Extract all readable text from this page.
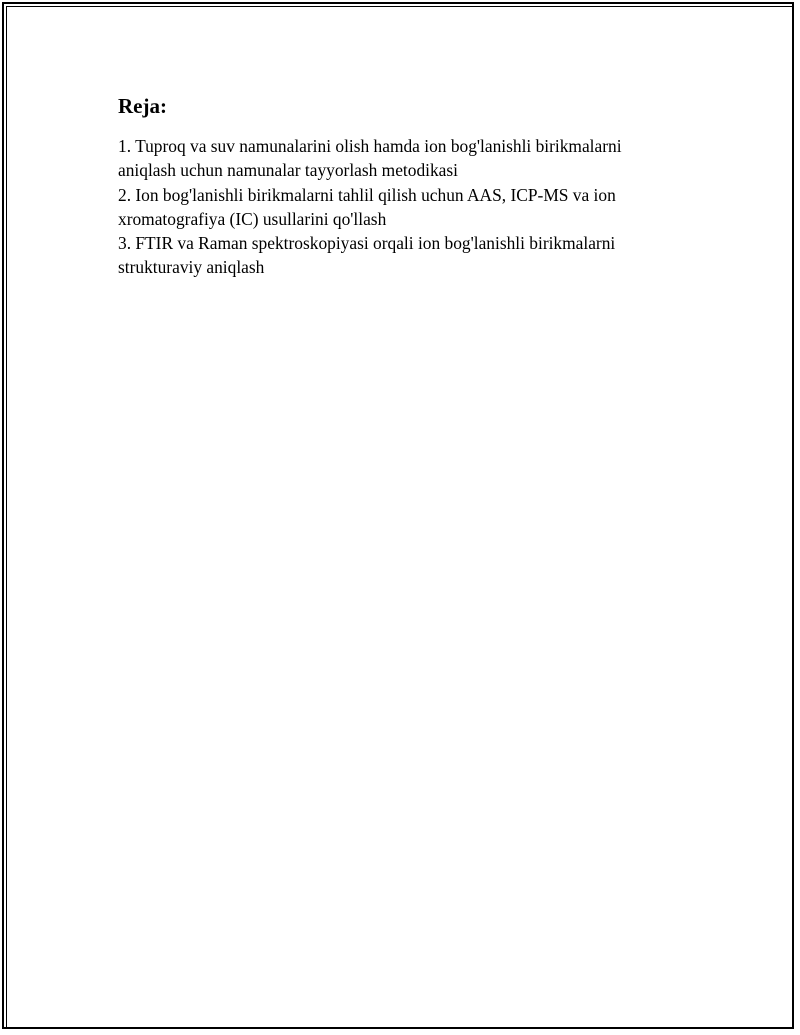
Reja:
1. Tuproq va suv namunalarini olish hamda ion bog'lanishli birikmalarni aniqlash uchun namunalar tayyorlash metodikasi
2. Ion bog'lanishli birikmalarni tahlil qilish uchun AAS, ICP-MS va ion xromatografiya (IC) usullarini qo'llash
3. FTIR va Raman spektroskopiyasi orqali ion bog'lanishli birikmalarni strukturaviy aniqlash
